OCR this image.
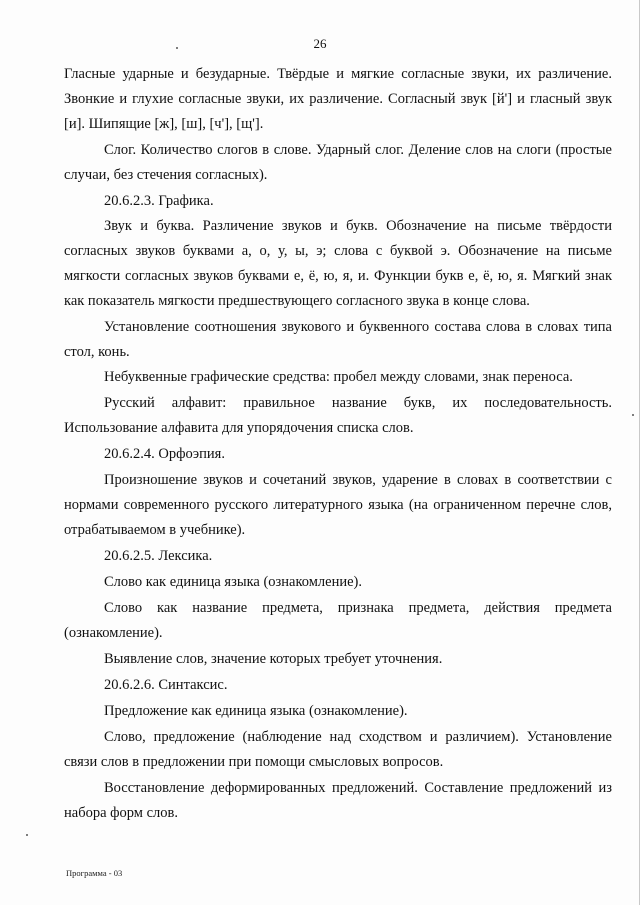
26

Гласные ударные и безударные. Твёрдые и мягкие согласные звуки, их различение. Звонкие и глухие согласные звуки, их различение. Согласный звук [й'] и гласный звук [и]. Шипящие [ж], [ш], [ч'], [щ'].

Слог. Количество слогов в слове. Ударный слог. Деление слов на слоги (простые случаи, без стечения согласных).

20.6.2.3. Графика.

Звук и буква. Различение звуков и букв. Обозначение на письме твёрдости согласных звуков буквами а, о, у, ы, э; слова с буквой э. Обозначение на письме мягкости согласных звуков буквами е, ё, ю, я, и. Функции букв е, ё, ю, я. Мягкий знак как показатель мягкости предшествующего согласного звука в конце слова.

Установление соотношения звукового и буквенного состава слова в словах типа стол, конь.

Небуквенные графические средства: пробел между словами, знак переноса.

Русский алфавит: правильное название букв, их последовательность. Использование алфавита для упорядочения списка слов.

20.6.2.4. Орфоэпия.

Произношение звуков и сочетаний звуков, ударение в словах в соответствии с нормами современного русского литературного языка (на ограниченном перечне слов, отрабатываемом в учебнике).

20.6.2.5. Лексика.

Слово как единица языка (ознакомление).

Слово как название предмета, признака предмета, действия предмета (ознакомление).

Выявление слов, значение которых требует уточнения.

20.6.2.6. Синтаксис.

Предложение как единица языка (ознакомление).

Слово, предложение (наблюдение над сходством и различием). Установление связи слов в предложении при помощи смысловых вопросов.

Восстановление деформированных предложений. Составление предложений из набора форм слов.

Программа - 03
